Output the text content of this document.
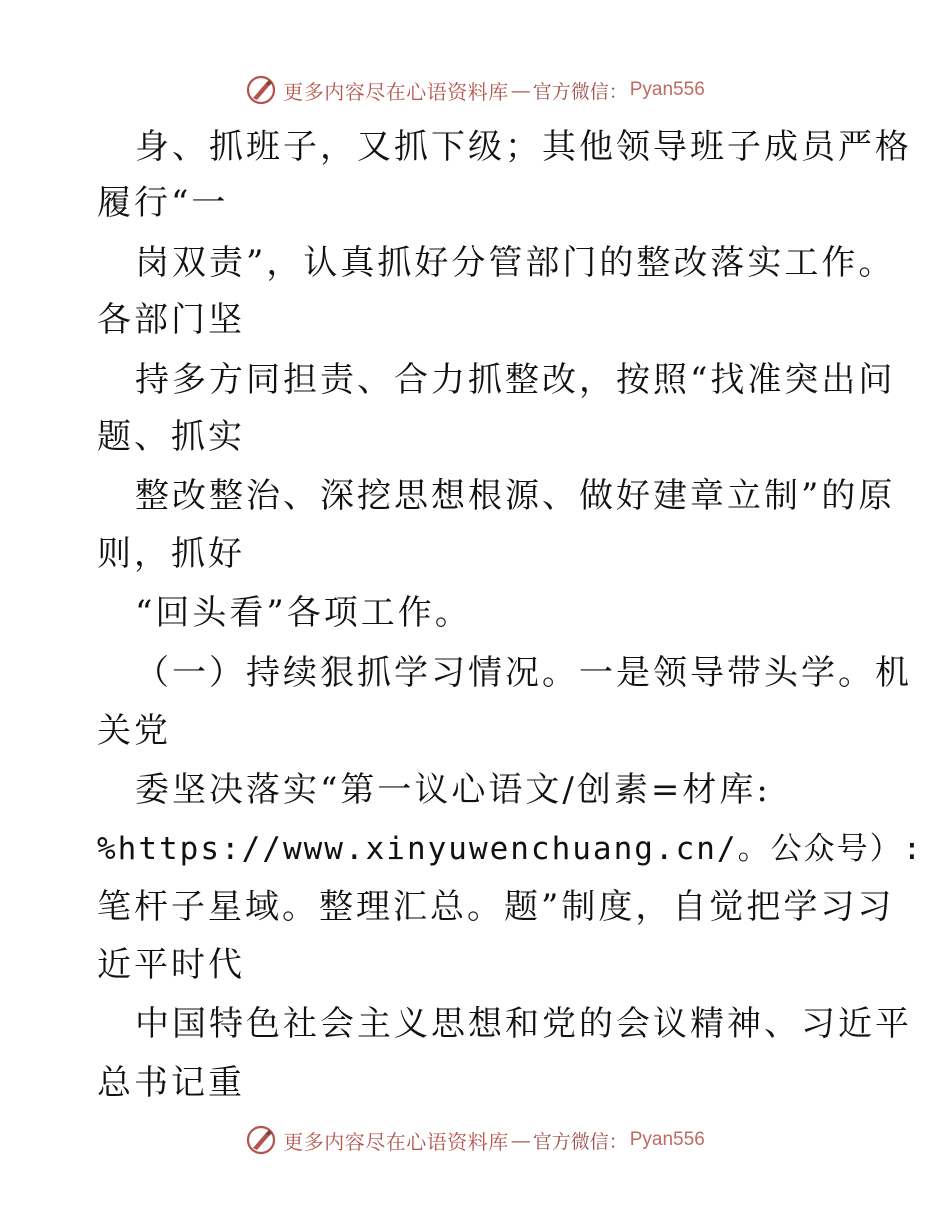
更多内容尽在心语资料库 — 官方微信： Pyan556
身、抓班子，又抓下级；其他领导班子成员严格
履行“一
岗双责”，认真抓好分管部门的整改落实工作。
各部门坚
持多方同担责、合力抓整改，按照“找准突出问
题、抓实
整改整治、深挖思想根源、做好建章立制”的原
则，抓好
“回头看”各项工作。
（一）持续狠抓学习情况。一是领导带头学。机
关党
委坚决落实“第一议心语文/创素=材库:
%https://www.xinyuwenchuang.cn/。公众号）:
笔杆子星域。整理汇总。题”制度，自觉把学习习
近平时代
中国特色社会主义思想和党的会议精神、习近平
总书记重
更多内容尽在心语资料库 — 官方微信： Pyan556
